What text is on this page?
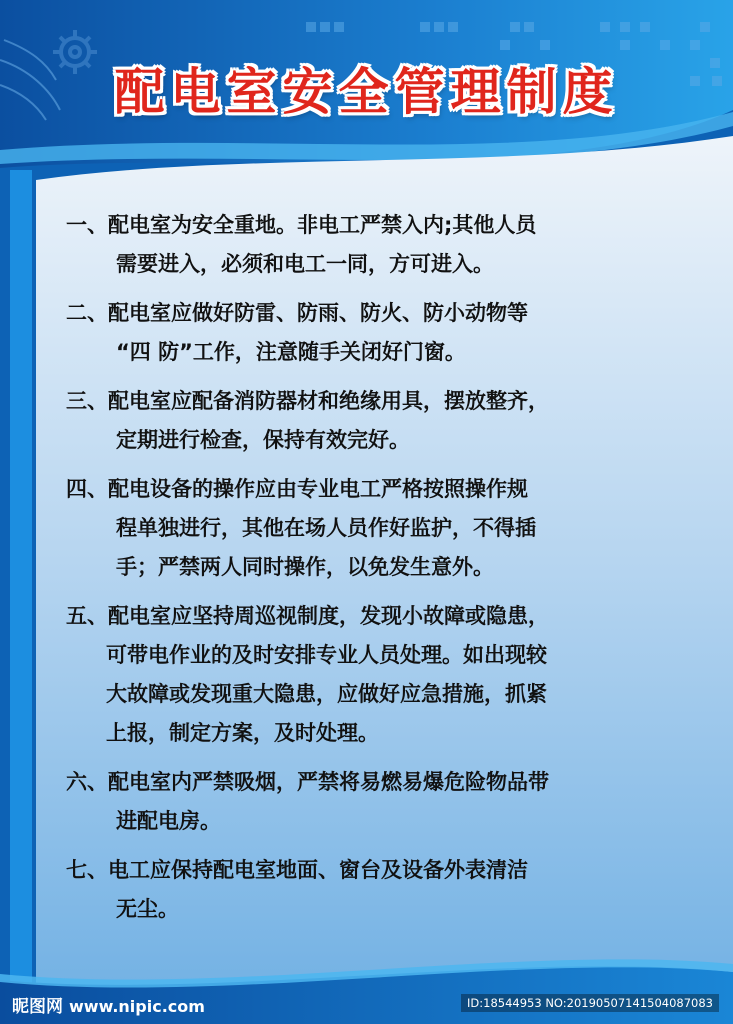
配电室安全管理制度
一、配电室为安全重地。非电工严禁入内;其他人员
需要进入，必须和电工一同，方可进入。
二、配电室应做好防雷、防雨、防火、防小动物等
“四 防”工作，注意随手关闭好门窗。
三、配电室应配备消防器材和绝缘用具，摆放整齐，
定期进行检查，保持有效完好。
四、配电设备的操作应由专业电工严格按照操作规
程单独进行，其他在场人员作好监护，不得插
手；严禁两人同时操作，以免发生意外。
五、配电室应坚持周巡视制度，发现小故障或隐患，
可带电作业的及时安排专业人员处理。如出现较
大故障或发现重大隐患，应做好应急措施，抓紧
上报，制定方案，及时处理。
六、配电室内严禁吸烟，严禁将易燃易爆危险物品带
进配电房。
七、电工应保持配电室地面、窗台及设备外表清洁
无尘。
昵图网 www.nipic.com	ID:18544953 NO:20190507141504087083
